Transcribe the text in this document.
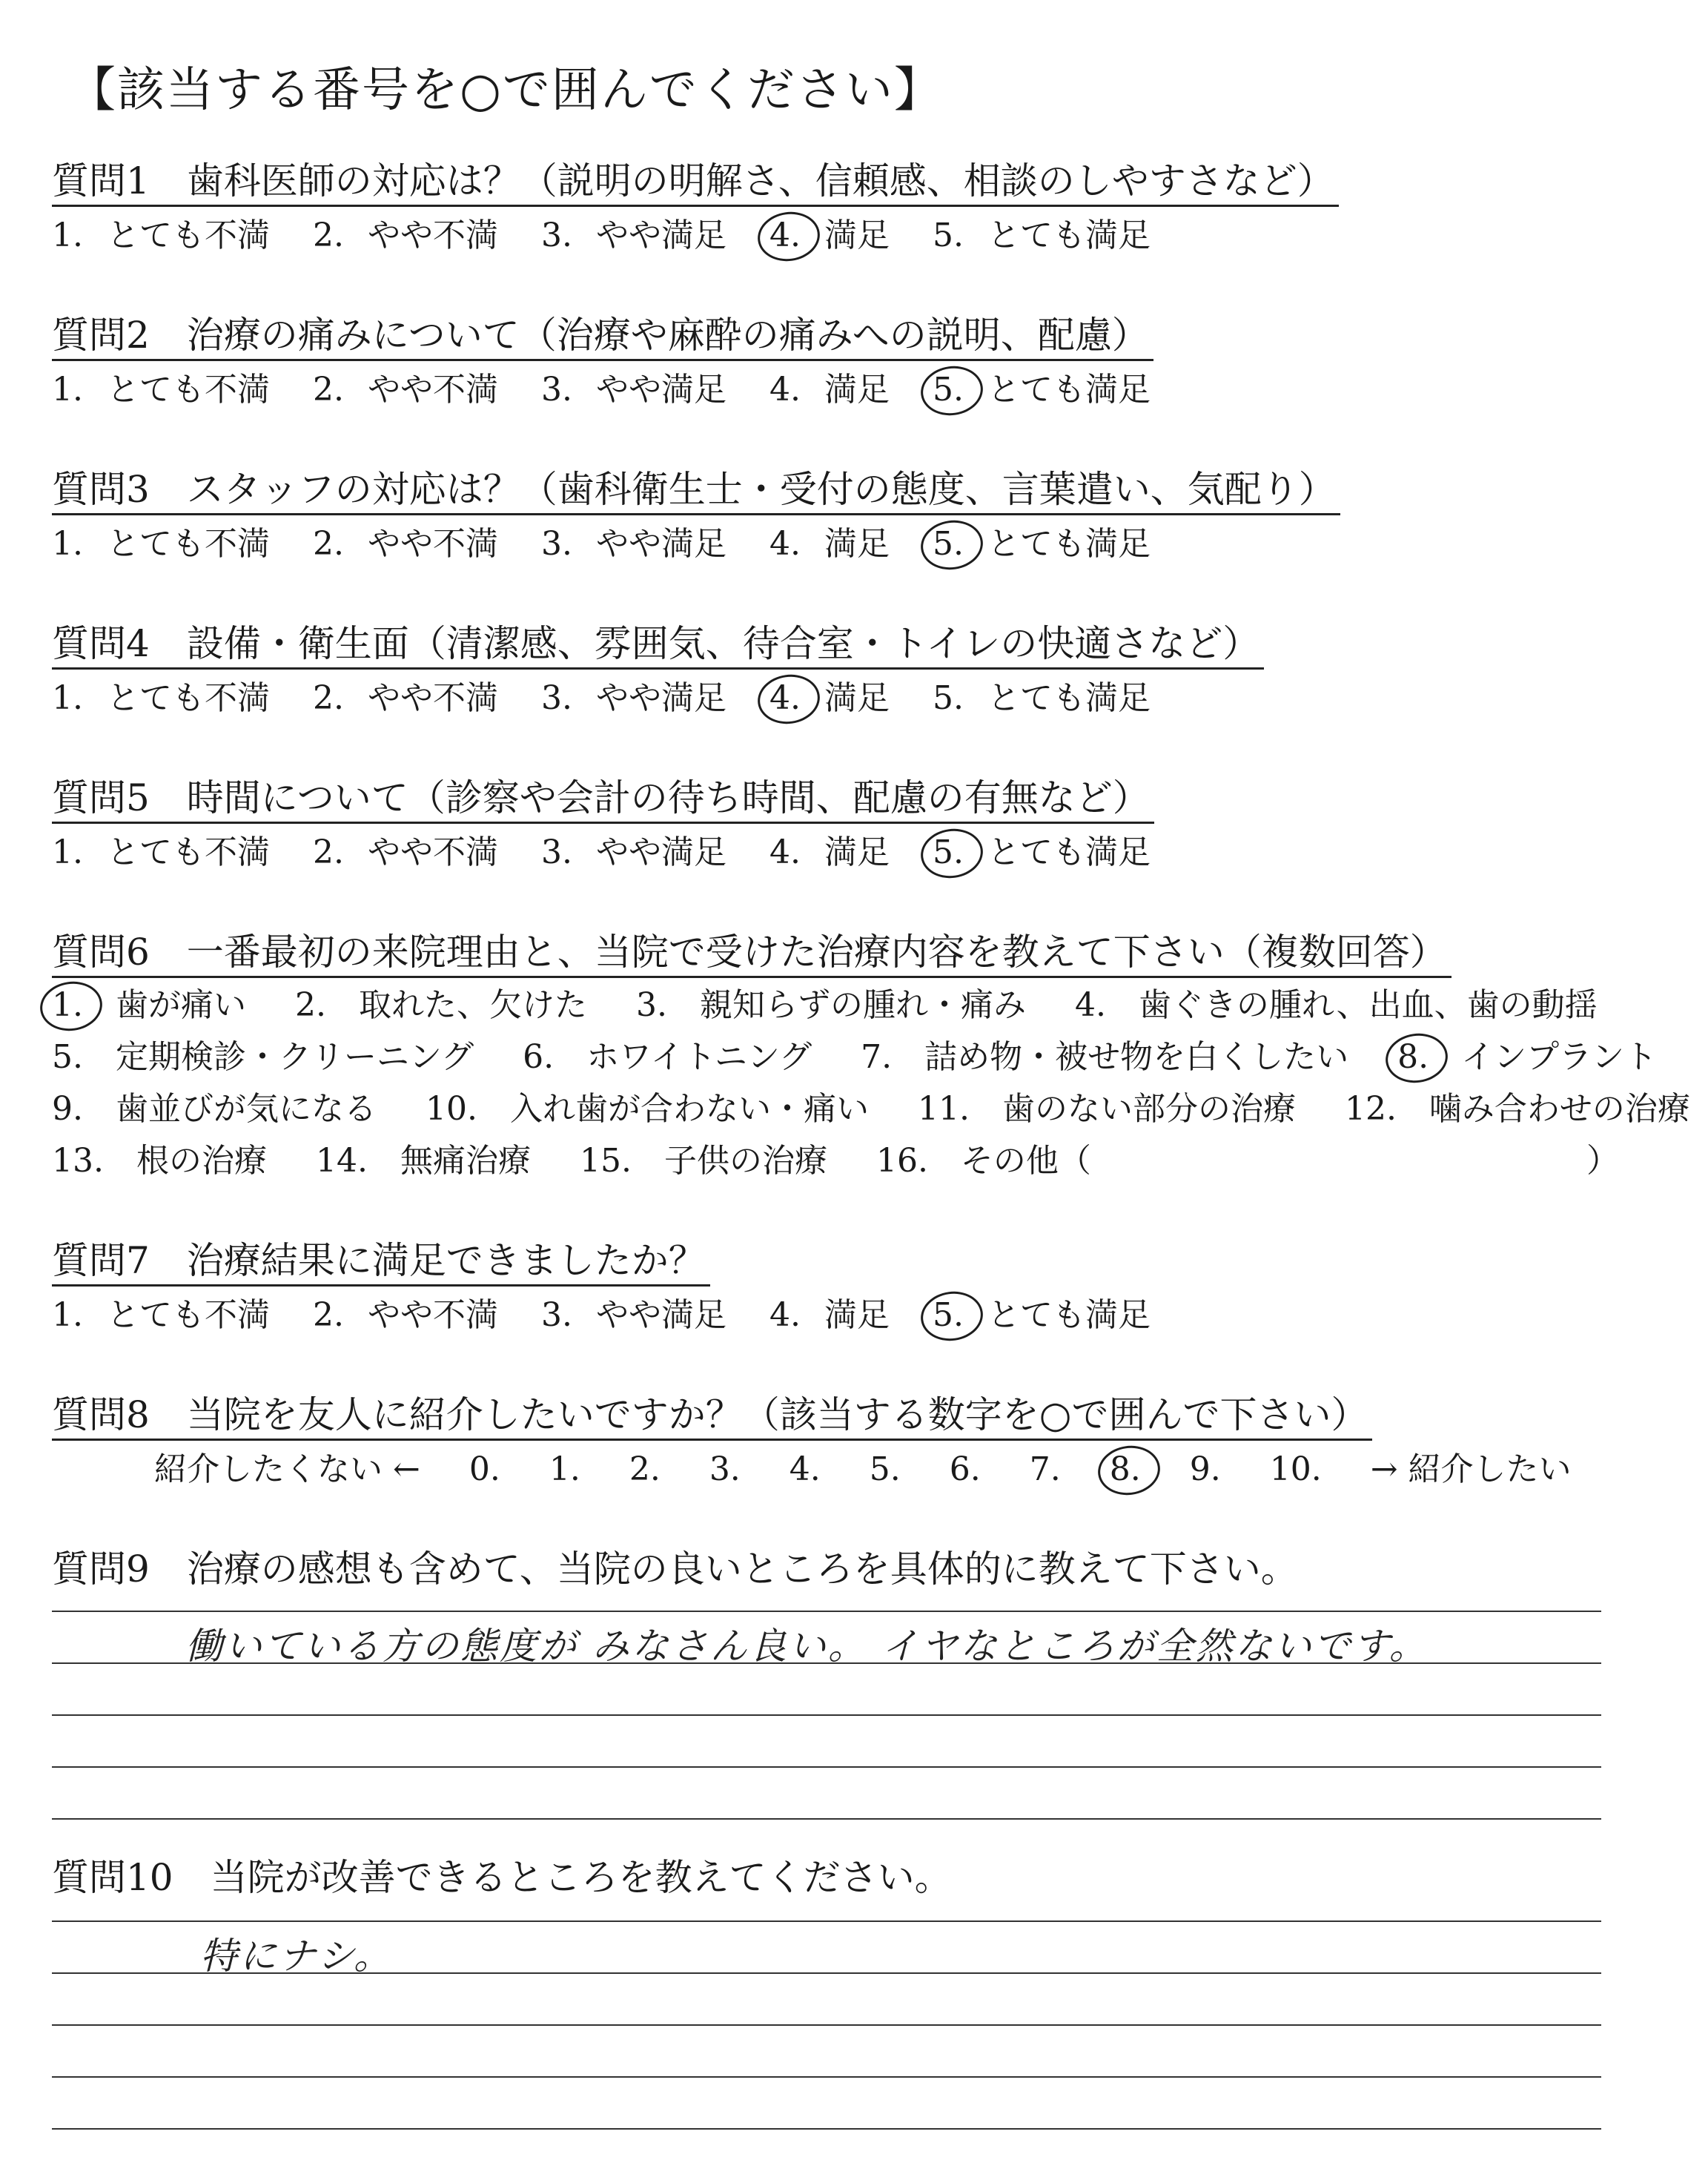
【該当する番号を○で囲んでください】
質問1　歯科医師の対応は？（説明の明解さ、信頼感、相談のしやすさなど）
1. とても不満 2. やや不満 3. やや満足 4. 満足 5. とても満足
質問2　治療の痛みについて（治療や麻酔の痛みへの説明、配慮）
1. とても不満 2. やや不満 3. やや満足 4. 満足 5. とても満足
質問3　スタッフの対応は？（歯科衛生士・受付の態度、言葉遣い、気配り）
1. とても不満 2. やや不満 3. やや満足 4. 満足 5. とても満足
質問4　設備・衛生面（清潔感、雰囲気、待合室・トイレの快適さなど）
1. とても不満 2. やや不満 3. やや満足 4. 満足 5. とても満足
質問5　時間について（診察や会計の待ち時間、配慮の有無など）
1. とても不満 2. やや不満 3. やや満足 4. 満足 5. とても満足
質問6　一番最初の来院理由と、当院で受けた治療内容を教えて下さい（複数回答）
1.　歯が痛い 2.　取れた、欠けた 3.　親知らずの腫れ・痛み 4.　歯ぐきの腫れ、出血、歯の動揺
5.　定期検診・クリーニング 6.　ホワイトニング 7.　詰め物・被せ物を白くしたい 8.　インプラント
9.　歯並びが気になる 10.　入れ歯が合わない・痛い 11.　歯のない部分の治療 12.　噛み合わせの治療
13.　根の治療 14.　無痛治療 15.　子供の治療 16.　その他（	）
質問7　治療結果に満足できましたか？
1. とても不満 2. やや不満 3. やや満足 4. 満足 5. とても満足
質問8　当院を友人に紹介したいですか？（該当する数字を○で囲んで下さい）
紹介したくない ← 0. 1. 2. 3. 4. 5. 6. 7. 8. 9. 10. → 紹介したい
質問9　治療の感想も含めて、当院の良いところを具体的に教えて下さい。
働いている方の態度が みなさん良い。 イヤなところが全然ないです。
質問10　当院が改善できるところを教えてください。
特にナシ。
